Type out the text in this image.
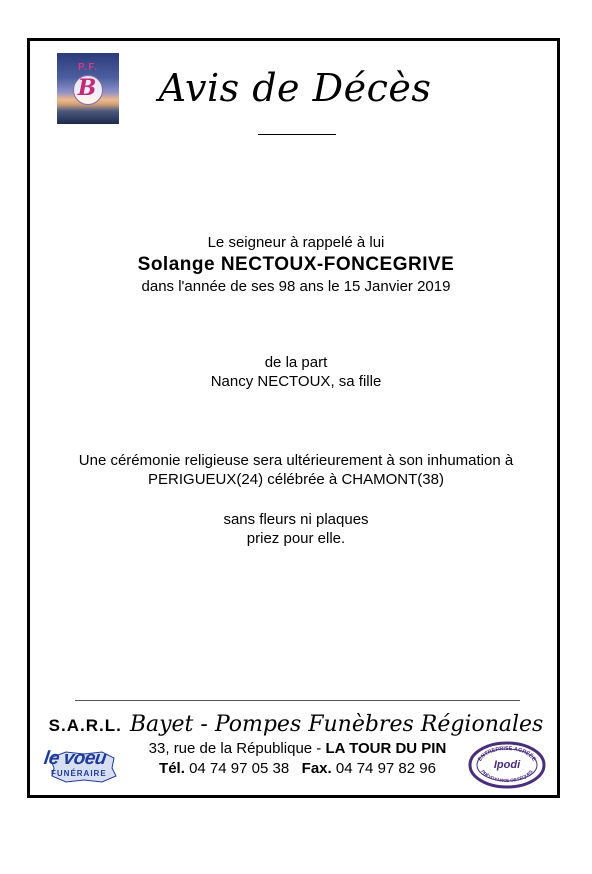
P.F.
B	Avis de Décès
Le seigneur à rappelé à lui
Solange NECTOUX-FONCEGRIVE
dans l'année de ses 98 ans le 15 Janvier 2019
de la part
Nancy NECTOUX, sa fille
Une cérémonie religieuse sera ultérieurement à son inhumation à
PERIGUEUX(24) célébrée à CHAMONT(38)
sans fleurs ni plaques
priez pour elle.
S.A.R.L. Bayet - Pompes Funèbres Régionales
33, rue de la République - LA TOUR DU PIN
Tél. 04 74 97 05 38 Fax. 04 74 97 82 96
le voeu
FUNÉRAIRE
ENTREPRISE AGRÉÉE
PRÉVOYANCE OBSÈQUES
Ipodi
